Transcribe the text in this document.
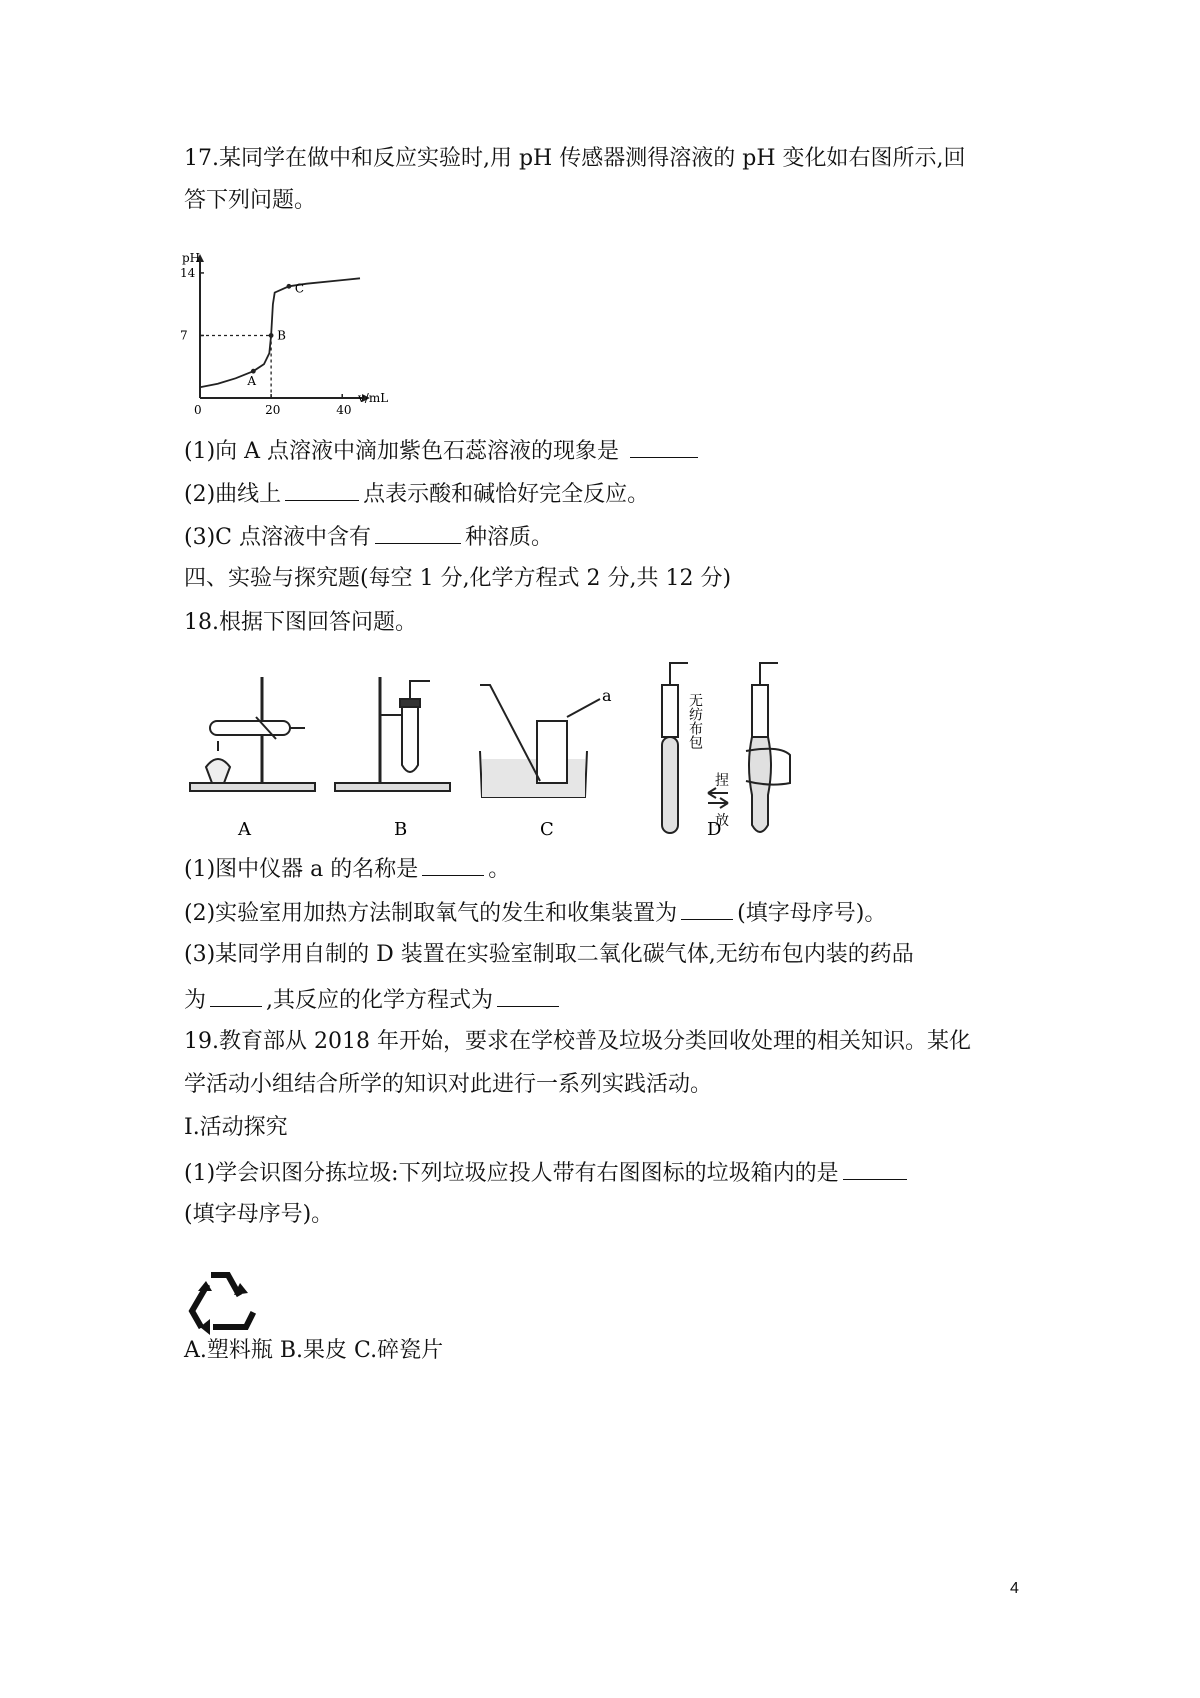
17.某同学在做中和反应实验时,用 pH 传感器测得溶液的 pH 变化如右图所示,回
答下列问题。
pH
v/mL
0	20	40
7
14
A
B
C
(1)向 A 点溶液中滴加紫色石蕊溶液的现象是
(2)曲线上	点表示酸和碱恰好完全反应。
(3)C 点溶液中含有	种溶质。
四、实验与探究题(每空 1 分,化学方程式 2 分,共 12 分)
18.根据下图回答问题。
a	无纺布包
捏
放
A	B	C	D
(1)图中仪器 a 的名称是	。
(2)实验室用加热方法制取氧气的发生和收集装置为	(填字母序号)。
(3)某同学用自制的 D 装置在实验室制取二氧化碳气体,无纺布包内装的药品
为	,其反应的化学方程式为
19.教育部从 2018 年开始，要求在学校普及垃圾分类回收处理的相关知识。某化
学活动小组结合所学的知识对此进行一系列实践活动。
I.活动探究
(1)学会识图分拣垃圾:下列垃圾应投人带有右图图标的垃圾箱内的是
(填字母序号)。
A.塑料瓶 B.果皮 C.碎瓷片
4
